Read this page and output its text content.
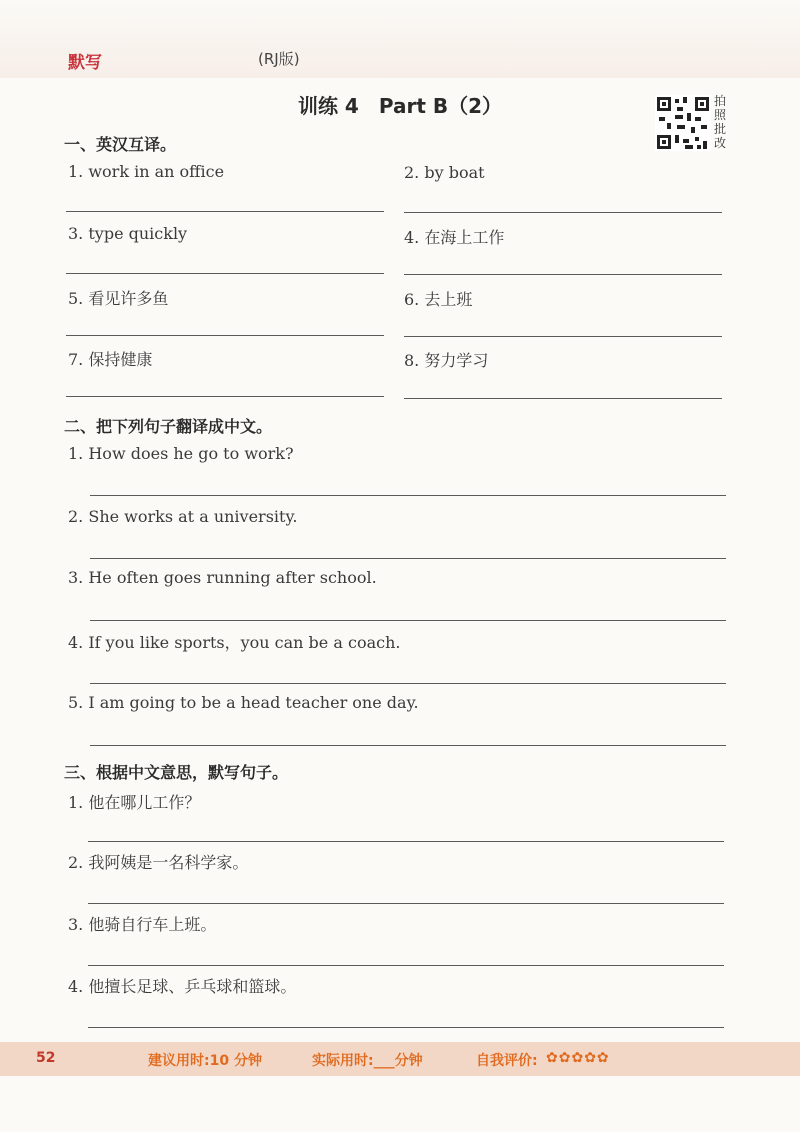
默写	(RJ版)
训练 4　Part B（2）	拍照批改
一、英汉互译。
1. work in an office	2. by boat
3. type quickly	4. 在海上工作
5. 看见许多鱼	6. 去上班
7. 保持健康	8. 努力学习
二、把下列句子翻译成中文。
1. How does he go to work?
2. She works at a university.
3. He often goes running after school.
4. If you like sports，you can be a coach.
5. I am going to be a head teacher one day.
三、根据中文意思，默写句子。
1. 他在哪儿工作？
2. 我阿姨是一名科学家。
3. 他骑自行车上班。
4. 他擅长足球、乒乓球和篮球。
52	建议用时:10 分钟	实际用时:___分钟	自我评价: ✿✿✿✿✿
